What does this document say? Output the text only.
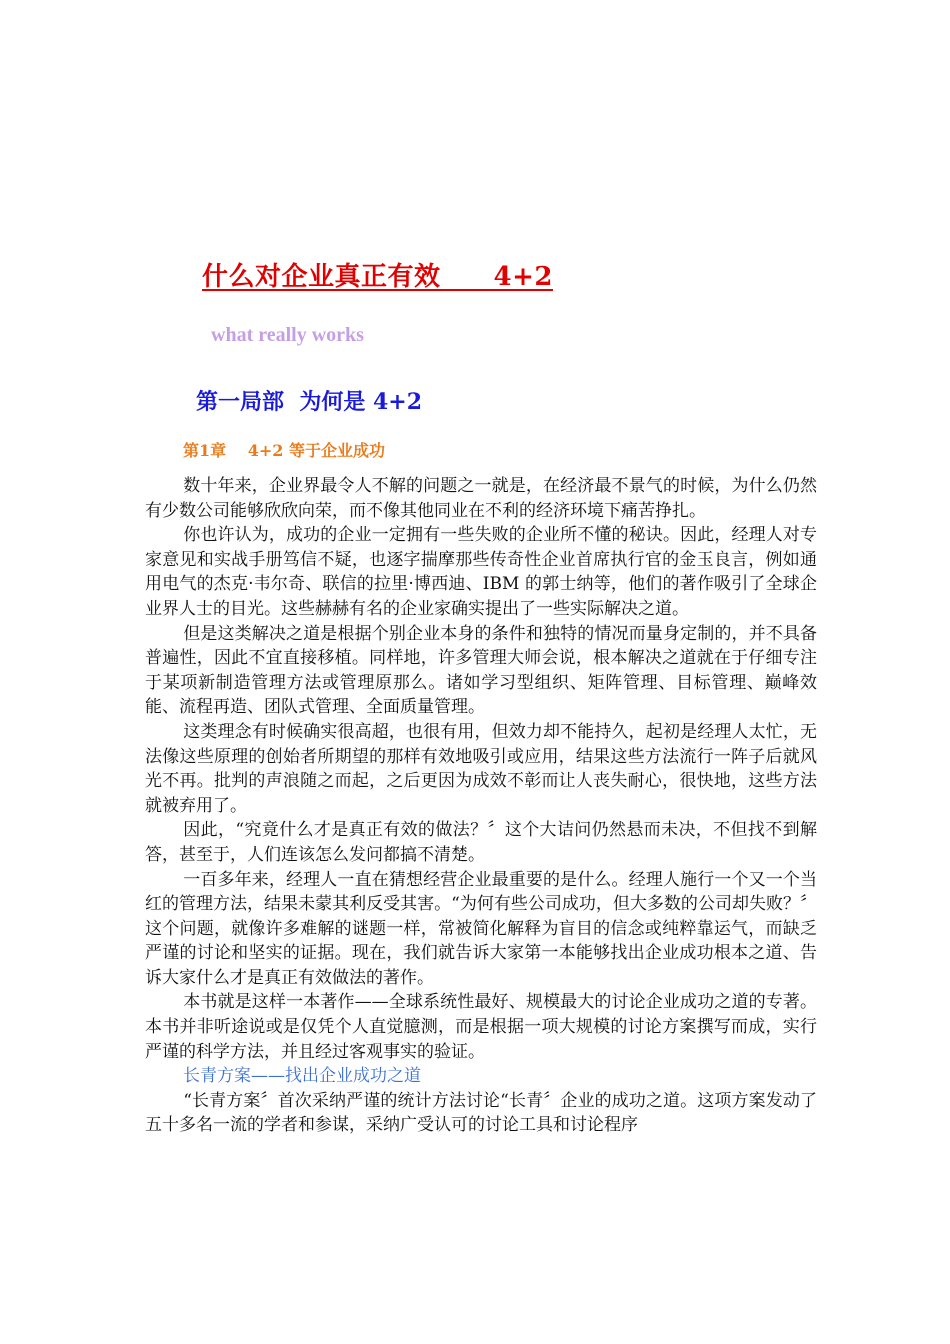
什么对企业真正有效　　4+2
what really works
第一局部  为何是 4+2
第1章　 4+2 等于企业成功

数十年来，企业界最令人不解的问题之一就是，在经济最不景气的时候，为什么仍然有少数公司能够欣欣向荣，而不像其他同业在不利的经济环境下痛苦挣扎。

你也许认为，成功的企业一定拥有一些失败的企业所不懂的秘诀。因此，经理人对专家意见和实战手册笃信不疑，也逐字揣摩那些传奇性企业首席执行官的金玉良言，例如通用电气的杰克·韦尔奇、联信的拉里·博西迪、IBM 的郭士纳等，他们的著作吸引了全球企业界人士的目光。这些赫赫有名的企业家确实提出了一些实际解决之道。

但是这类解决之道是根据个别企业本身的条件和独特的情况而量身定制的，并不具备普遍性，因此不宜直接移植。同样地，许多管理大师会说，根本解决之道就在于仔细专注于某项新制造管理方法或管理原那么。诸如学习型组织、矩阵管理、目标管理、巅峰效能、流程再造、团队式管理、全面质量管理。

这类理念有时候确实很高超，也很有用，但效力却不能持久，起初是经理人太忙，无法像这些原理的创始者所期望的那样有效地吸引或应用，结果这些方法流行一阵子后就风光不再。批判的声浪随之而起，之后更因为成效不彰而让人丧失耐心，很快地，这些方法就被弃用了。

因此，“究竟什么才是真正有效的做法？〞这个大诘问仍然悬而未决，不但找不到解答，甚至于，人们连该怎么发问都搞不清楚。

一百多年来，经理人一直在猜想经营企业最重要的是什么。经理人施行一个又一个当红的管理方法，结果未蒙其利反受其害。“为何有些公司成功，但大多数的公司却失败？〞这个问题，就像许多难解的谜题一样，常被简化解释为盲目的信念或纯粹靠运气，而缺乏严谨的讨论和坚实的证据。现在，我们就告诉大家第一本能够找出企业成功根本之道、告诉大家什么才是真正有效做法的著作。

本书就是这样一本著作——全球系统性最好、规模最大的讨论企业成功之道的专著。本书并非听途说或是仅凭个人直觉臆测，而是根据一项大规模的讨论方案撰写而成，实行严谨的科学方法，并且经过客观事实的验证。

长青方案——找出企业成功之道

“长青方案〞首次采纳严谨的统计方法讨论“长青〞企业的成功之道。这项方案发动了五十多名一流的学者和参谋，采纳广受认可的讨论工具和讨论程序
